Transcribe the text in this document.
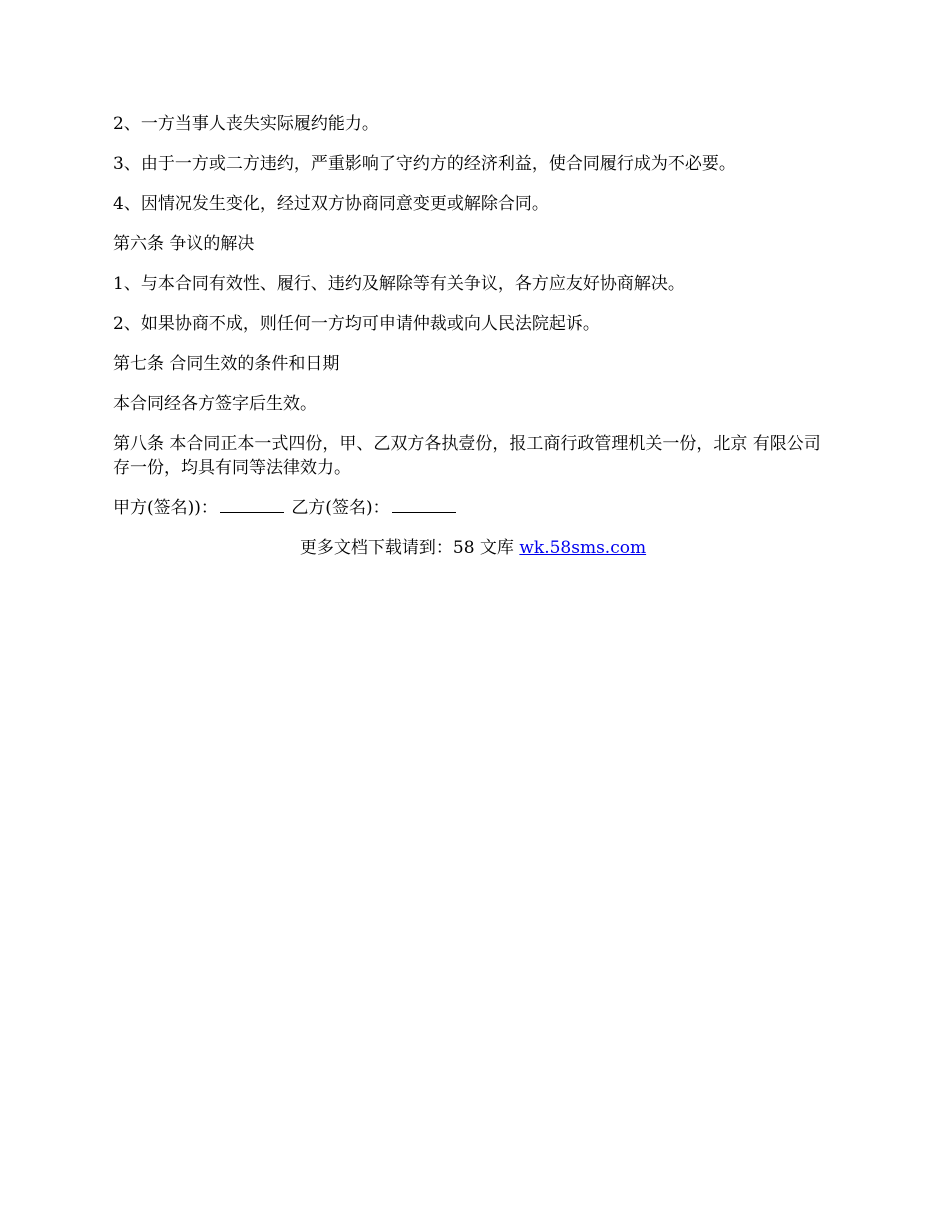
2、一方当事人丧失实际履约能力。

3、由于一方或二方违约，严重影响了守约方的经济利益，使合同履行成为不必要。

4、因情况发生变化，经过双方协商同意变更或解除合同。

第六条 争议的解决

1、与本合同有效性、履行、违约及解除等有关争议，各方应友好协商解决。

2、如果协商不成，则任何一方均可申请仲裁或向人民法院起诉。

第七条 合同生效的条件和日期

本合同经各方签字后生效。

第八条 本合同正本一式四份，甲、乙双方各执壹份，报工商行政管理机关一份，北京 有限公司存一份，均具有同等法律效力。

甲方(签名))：	乙方(签名)：

更多文档下载请到：58 文库 wk.58sms.com
